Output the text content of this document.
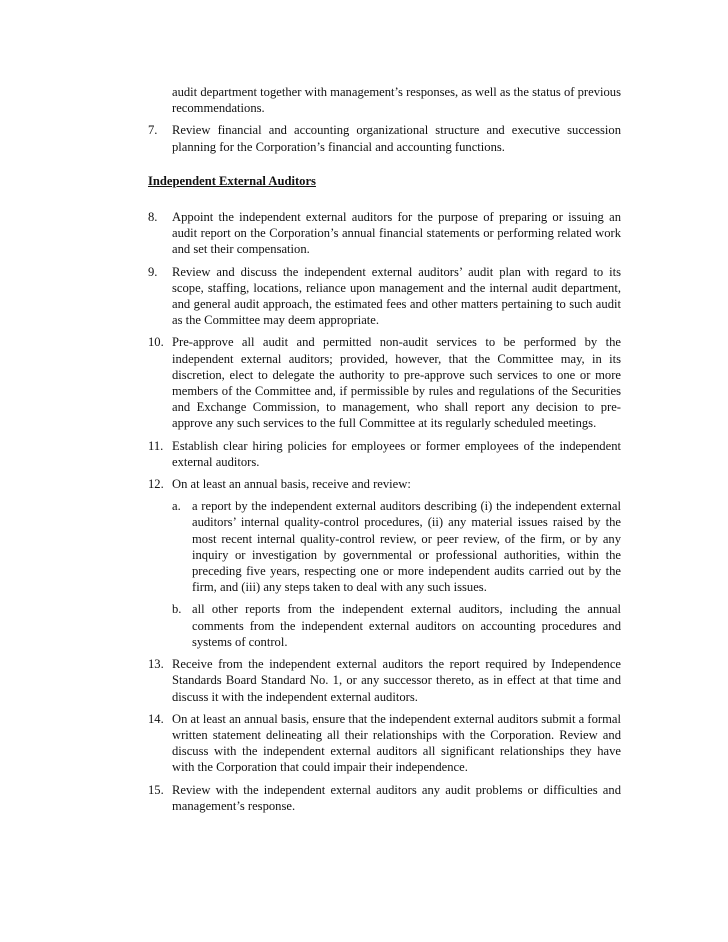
audit department together with management’s responses, as well as the status of previous recommendations.

7.	Review financial and accounting organizational structure and executive succession planning for the Corporation’s financial and accounting functions.
Independent External Auditors
8.	Appoint the independent external auditors for the purpose of preparing or issuing an audit report on the Corporation’s annual financial statements or performing related work and set their compensation.
9.	Review and discuss the independent external auditors’ audit plan with regard to its scope, staffing, locations, reliance upon management and the internal audit department, and general audit approach, the estimated fees and other matters pertaining to such audit as the Committee may deem appropriate.
10. Pre-approve all audit and permitted non-audit services to be performed by the independent external auditors; provided, however, that the Committee may, in its discretion, elect to delegate the authority to pre-approve such services to one or more members of the Committee and, if permissible by rules and regulations of the Securities and Exchange Commission, to management, who shall report any decision to pre-approve any such services to the full Committee at its regularly scheduled meetings.
11. Establish clear hiring policies for employees or former employees of the independent external auditors.
12. On at least an annual basis, receive and review:
a. a report by the independent external auditors describing (i) the independent external auditors’ internal quality-control procedures, (ii) any material issues raised by the most recent internal quality-control review, or peer review, of the firm, or by any inquiry or investigation by governmental or professional authorities, within the preceding five years, respecting one or more independent audits carried out by the firm, and (iii) any steps taken to deal with any such issues.
b. all other reports from the independent external auditors, including the annual comments from the independent external auditors on accounting procedures and systems of control.
13. Receive from the independent external auditors the report required by Independence Standards Board Standard No. 1, or any successor thereto, as in effect at that time and discuss it with the independent external auditors.
14. On at least an annual basis, ensure that the independent external auditors submit a formal written statement delineating all their relationships with the Corporation. Review and discuss with the independent external auditors all significant relationships they have with the Corporation that could impair their independence.
15. Review with the independent external auditors any audit problems or difficulties and management’s response.
